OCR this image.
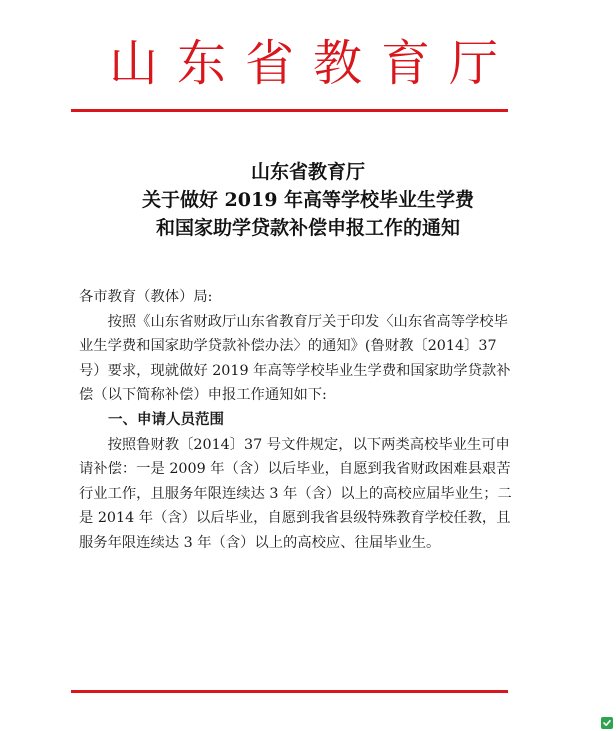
山东省教育厅
山东省教育厅
关于做好 2019 年高等学校毕业生学费
和国家助学贷款补偿申报工作的通知

各市教育（教体）局:

按照《山东省财政厅山东省教育厅关于印发〈山东省高等学校毕业生学费和国家助学贷款补偿办法〉的通知》(鲁财教〔2014〕37 号）要求，现就做好 2019 年高等学校毕业生学费和国家助学贷款补偿（以下简称补偿）申报工作通知如下:

一、申请人员范围

按照鲁财教〔2014〕37 号文件规定，以下两类高校毕业生可申请补偿：一是 2009 年（含）以后毕业，自愿到我省财政困难县艰苦行业工作，且服务年限连续达 3 年（含）以上的高校应届毕业生；二是 2014 年（含）以后毕业，自愿到我省县级特殊教育学校任教，且服务年限连续达 3 年（含）以上的高校应、往届毕业生。
